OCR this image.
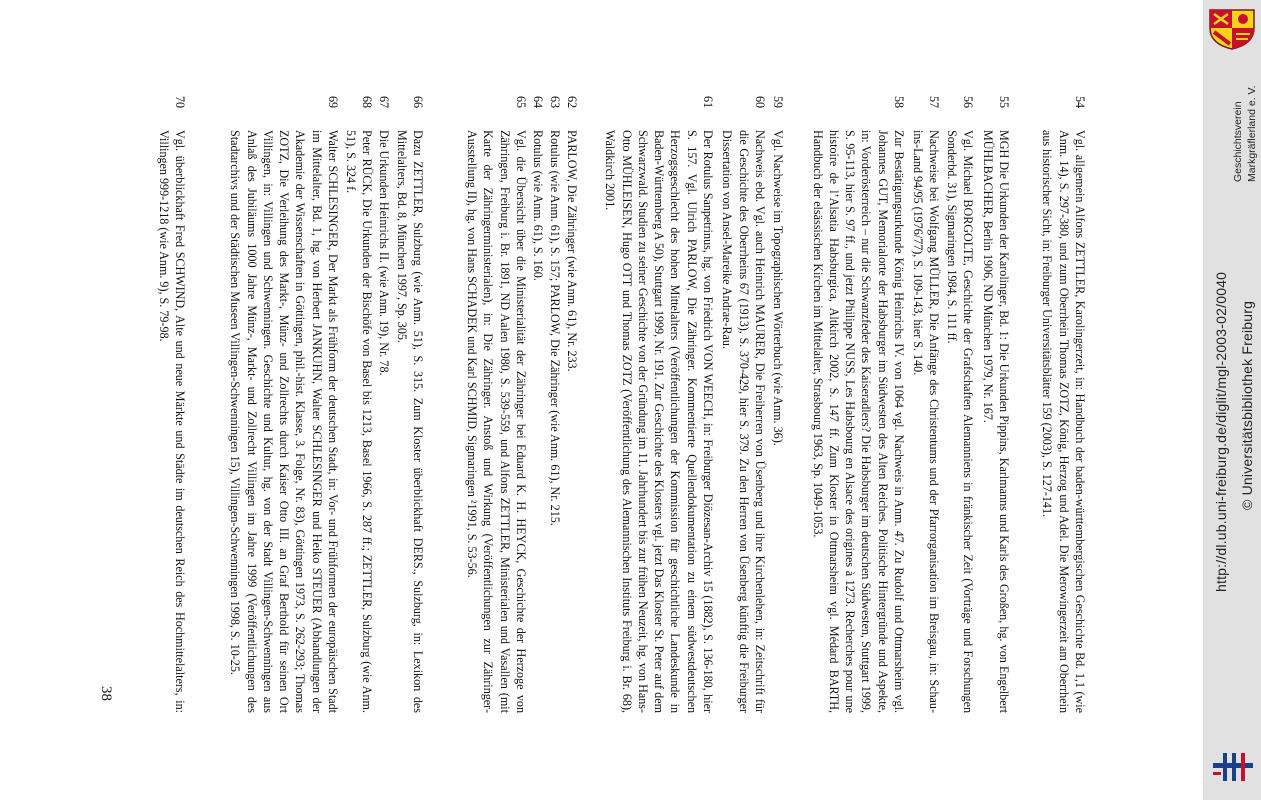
54
Vgl. allgemein Alfons ZETTLER, Karolingerzeit, in: Handbuch der baden-württembergischen Geschichte Bd. 1,1 (wie Anm. 14), S. 297-380, und zum Oberrhein Thomas ZOTZ, König, Herzog und Adel. Die Merowingerzeit am Oberrhein aus historischer Sicht, in: Freiburger Universitätsblätter 159 (2003), S. 127-141.
55
MGH Die Urkunden der Karolinger, Bd. 1: Die Urkunden Pippins, Karlmanns und Karls des Großen, hg. von Engelbert MÜHLBACHER, Berlin 1906, ND München 1979, Nr. 167.
56
Vgl. Michael BORGOLTE, Geschichte der Grafschaften Alemanniens in fränkischer Zeit (Vorträge und Forschungen Sonderbd. 31), Sigmaringen 1984, S. 111 ff.
57
Nachweise bei Wolfgang MÜLLER, Die Anfänge des Christentums und der Pfarrorganisation im Breisgau, in: Schau-ins-Land 94/95 (1976/77), S. 109-143, hier S. 140.
58
Zur Bestätigungsurkunde König Heinrichs IV. von 1064 vgl. Nachweis in Anm. 47. Zu Rudolf und Ottmarsheim vgl. Johannes GUT, Memorialorte der Habsburger im Südwesten des Alten Reiches. Politische Hintergründe und Aspekte, in: Vorderösterreich – nur die Schwanzfeder des Kaiseradlers? Die Habsburger im deutschen Südwesten, Stuttgart 1999, S. 95-113, hier S. 97 ff., und jetzt Philippe NUSS, Les Habsbourg en Alsace des origines à 1273. Recherches pour une histoire de l’Alsatia Habsburgica, Altkirch 2002, S. 147 ff. Zum Kloster in Ottmarsheim vgl. Médard BARTH, Handbuch der elsässischen Kirchen im Mittelalter, Strasbourg 1963, Sp. 1049-1053.
59
Vgl. Nachweise im Topographischen Wörterbuch (wie Anm. 36).
60
Nachweis ebd. Vgl. auch Heinrich MAURER, Die Freiherren von Üsenberg und ihre Kirchenlehen, in: Zeitschrift für die Geschichte des Oberrheins 67 (1913), S. 370-429, hier S. 379. Zu den Herren von Üsenberg künftig die Freiburger Dissertation von Ansel-Mareike Andrae-Rau.
61
Der Rotulus Sanpetrinus, hg. von Friedrich VON WEECH, in: Freiburger Diözesan-Archiv 15 (1882), S. 136-180, hier S. 157. Vgl. Ulrich PARLOW, Die Zähringer. Kommentierte Quellendokumentation zu einem südwestdeutschen Herzogsgeschlecht des hohen Mittelalters (Veröffentlichungen der Kommission für geschichtliche Landeskunde in Baden-Württemberg A 50), Stuttgart 1999, Nr. 191. Zur Geschichte des Klosters vgl. jetzt Das Kloster St. Peter auf dem Schwarzwald. Studien zu seiner Geschichte von der Gründung im 11. Jahrhundert bis zur frühen Neuzeit, hg. von Hans-Otto MÜHLEISEN, Hugo OTT und Thomas ZOTZ (Veröffentlichung des Alemannischen Instituts Freiburg i. Br. 68), Waldkirch 2001.
62
PARLOW, Die Zähringer (wie Anm. 61), Nr. 233.
63
Rotulus (wie Anm. 61), S. 157; PARLOW, Die Zähringer (wie Anm. 61), Nr. 215.
64
Rotulus (wie Anm. 61), S. 160.
65
Vgl. die Übersicht über die Ministerialität der Zähringer bei Eduard K. H. HEYCK, Geschichte der Herzoge von Zähringen, Freiburg i. Br. 1891, ND Aalen 1980, S. 539-559, und Alfons ZETTLER, Ministerialen und Vasallen (mit Karte der Zähringerministerialen), in: Die Zähringer. Anstoß und Wirkung (Veröffentlichungen zur Zähringer-Ausstellung II), hg. von Hans SCHADEK und Karl SCHMID, Sigmaringen ²1991, S. 53-56.
66
Dazu ZETTLER, Sulzburg (wie Anm. 51), S. 315. Zum Kloster überblickhaft DERS., Sulzburg, in: Lexikon des Mittelalters, Bd. 8, München 1997, Sp. 305.
67
Die Urkunden Heinrichs II. (wie Anm. 19), Nr. 78.
68
Peter RÜCK, Die Urkunden der Bischöfe von Basel bis 1213, Basel 1966, S. 287 ff.; ZETTLER, Sulzburg (wie Anm. 51), S. 324 f.
69
Walter SCHLESINGER, Der Markt als Frühform der deutschen Stadt, in: Vor- und Frühformen der europäischen Stadt im Mittelalter, Bd. 1, hg. von Herbert JANKUHN, Walter SCHLESINGER und Heiko STEUER (Abhandlungen der Akademie der Wissenschaften in Göttingen, phil.-hist. Klasse, 3. Folge, Nr. 83), Göttingen 1973, S. 262-293; Thomas ZOTZ, Die Verleihung des Markt-, Münz- und Zollrechts durch Kaiser Otto III. an Graf Berthold für seinen Ort Villingen, in: Villingen und Schwenningen. Geschichte und Kultur, hg. von der Stadt Villingen-Schwenningen aus Anlaß des Jubiläums 1000 Jahre Münz-, Markt- und Zollrecht Villingen im Jahre 1999 (Veröffentlichungen des Stadtarchivs und der Städtischen Museen Villingen-Schwenningen 15), Villingen-Schwenningen 1998, S. 10-25.
70
Vgl. überblickhaft Fred SCHWIND, Alte und neue Märkte und Städte im deutschen Reich des Hochmittelalters, in: Villingen 999-1218 (wie Anm. 9), S. 79-98.
38
Geschichtsverein Markgräflerland e. V.
http://dl.ub.uni-freiburg.de/diglit/mgl-2003-02/0040 © Universitätsbibliothek Freiburg
